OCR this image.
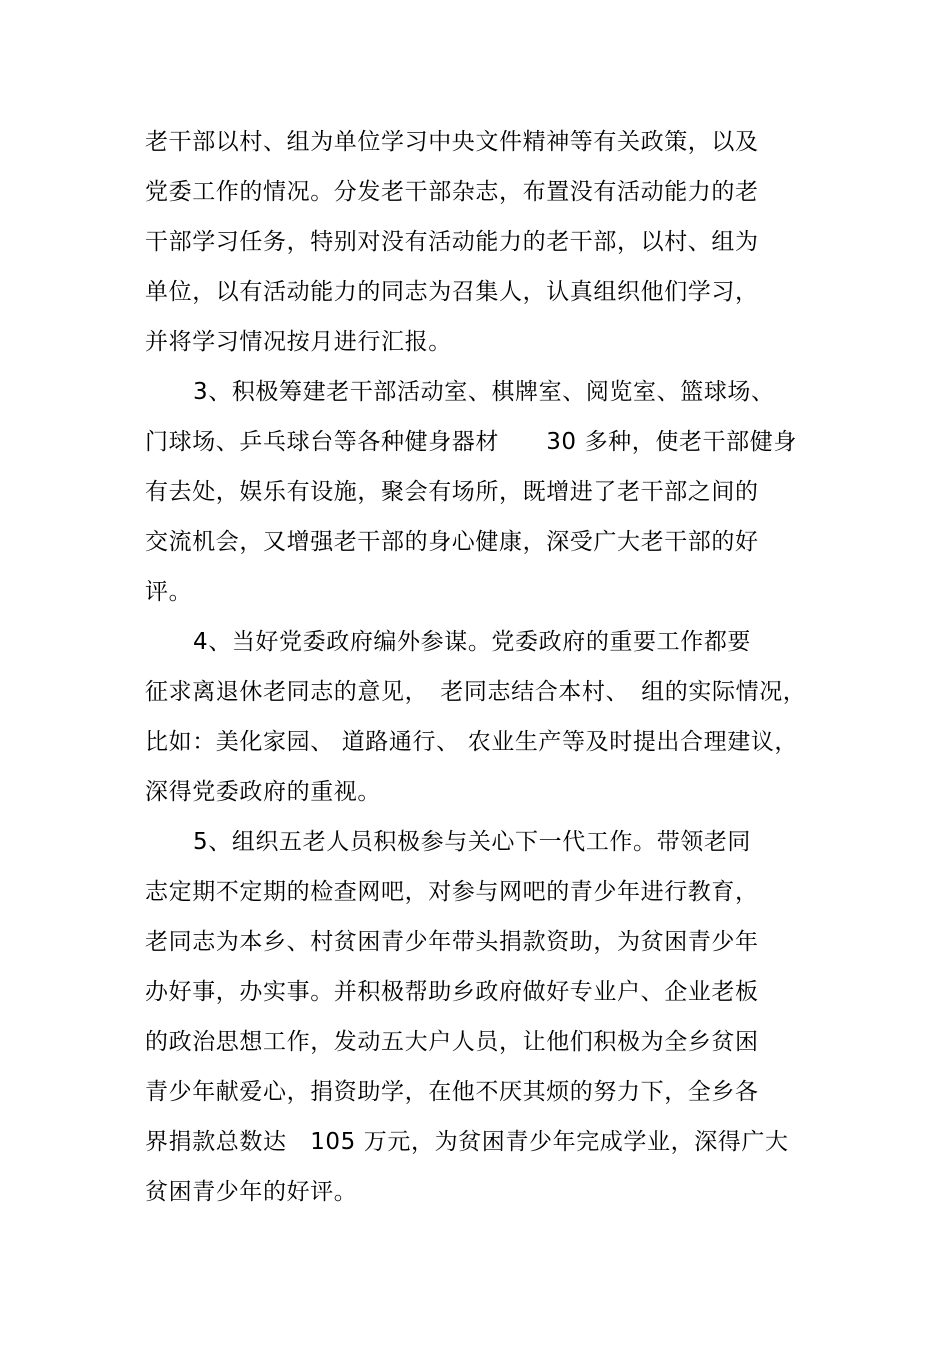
老干部以村、组为单位学习中央文件精神等有关政策，以及
党委工作的情况。分发老干部杂志，布置没有活动能力的老
干部学习任务，特别对没有活动能力的老干部，以村、组为
单位，以有活动能力的同志为召集人，认真组织他们学习，
并将学习情况按月进行汇报。
3、积极筹建老干部活动室、棋牌室、阅览室、篮球场、
门球场、乒乓球台等各种健身器材　　30 多种，使老干部健身
有去处，娱乐有设施，聚会有场所，既增进了老干部之间的
交流机会，又增强老干部的身心健康，深受广大老干部的好
评。
4、当好党委政府编外参谋。党委政府的重要工作都要
征求离退休老同志的意见，　老同志结合本村、　组的实际情况，
比如：美化家园、 道路通行、 农业生产等及时提出合理建议，
深得党委政府的重视。
5、组织五老人员积极参与关心下一代工作。带领老同
志定期不定期的检查网吧，对参与网吧的青少年进行教育，
老同志为本乡、村贫困青少年带头捐款资助，为贫困青少年
办好事，办实事。并积极帮助乡政府做好专业户、企业老板
的政治思想工作，发动五大户人员，让他们积极为全乡贫困
青少年献爱心，捐资助学，在他不厌其烦的努力下，全乡各
界捐款总数达　105 万元，为贫困青少年完成学业，深得广大
贫困青少年的好评。
